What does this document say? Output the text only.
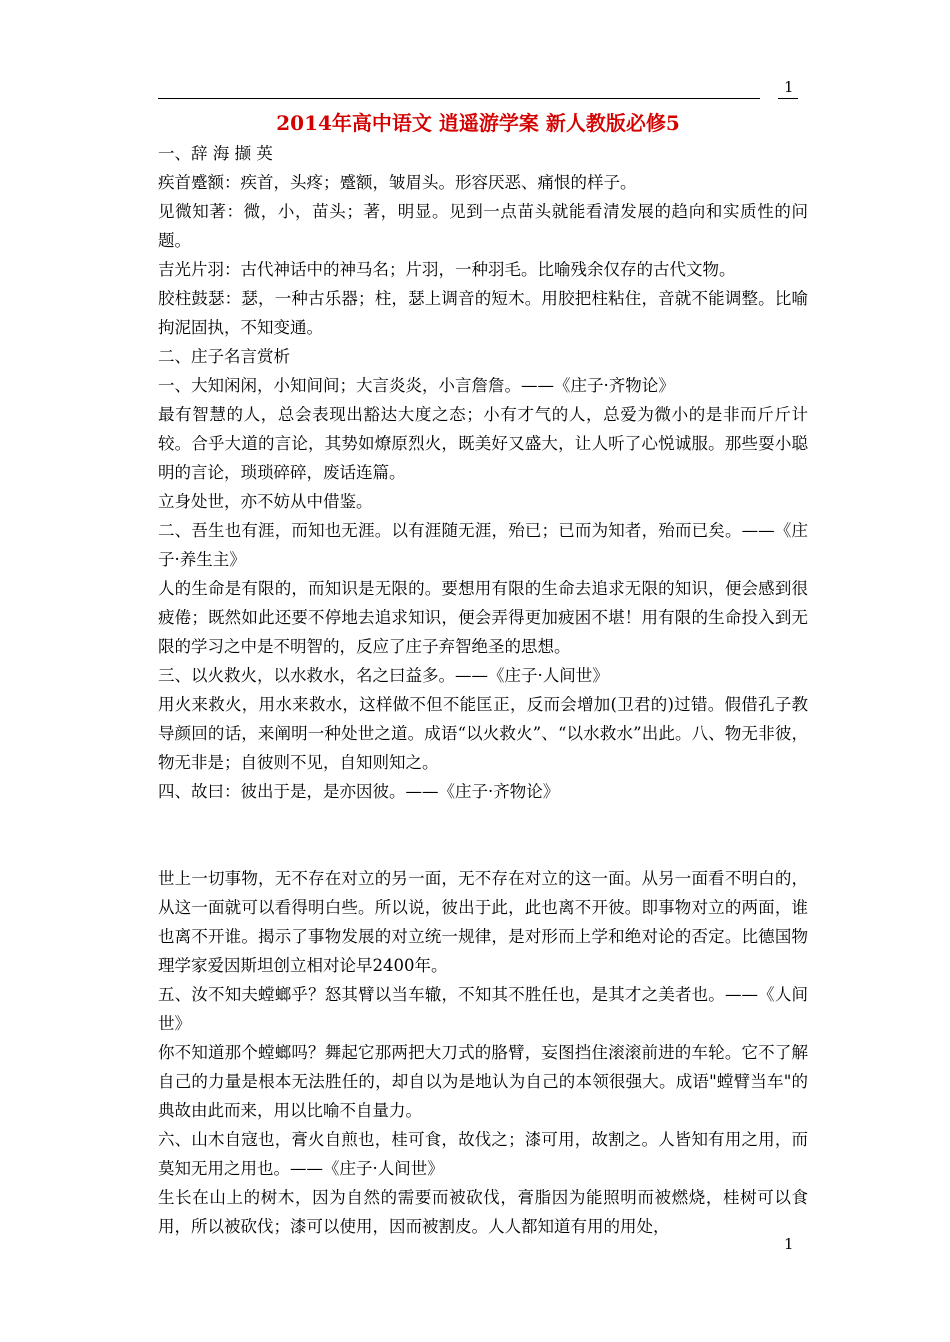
1
2014年高中语文 逍遥游学案 新人教版必修5

一、辞 海 撷 英

疾首蹙额：疾首，头疼；蹙额，皱眉头。形容厌恶、痛恨的样子。

见微知著：微，小，苗头；著，明显。见到一点苗头就能看清发展的趋向和实质性的问题。

吉光片羽：古代神话中的神马名；片羽，一种羽毛。比喻残余仅存的古代文物。

胶柱鼓瑟：瑟，一种古乐器；柱，瑟上调音的短木。用胶把柱粘住，音就不能调整。比喻拘泥固执，不知变通。

二、庄子名言赏析

一、大知闲闲，小知间间；大言炎炎，小言詹詹。——《庄子·齐物论》

最有智慧的人，总会表现出豁达大度之态；小有才气的人，总爱为微小的是非而斤斤计较。合乎大道的言论，其势如燎原烈火，既美好又盛大，让人听了心悦诚服。那些耍小聪明的言论，琐琐碎碎，废话连篇。

立身处世，亦不妨从中借鉴。

二、吾生也有涯，而知也无涯。以有涯随无涯，殆已；已而为知者，殆而已矣。——《庄子·养生主》

人的生命是有限的，而知识是无限的。要想用有限的生命去追求无限的知识，便会感到很疲倦；既然如此还要不停地去追求知识，便会弄得更加疲困不堪！用有限的生命投入到无限的学习之中是不明智的，反应了庄子弃智绝圣的思想。

三、以火救火，以水救水，名之曰益多。——《庄子·人间世》

用火来救火，用水来救水，这样做不但不能匡正，反而会增加(卫君的)过错。假借孔子教导颜回的话，来阐明一种处世之道。成语“以火救火”、“以水救水”出此。八、物无非彼，物无非是；自彼则不见，自知则知之。

四、故曰：彼出于是，是亦因彼。——《庄子·齐物论》

世上一切事物，无不存在对立的另一面，无不存在对立的这一面。从另一面看不明白的，从这一面就可以看得明白些。所以说，彼出于此，此也离不开彼。即事物对立的两面，谁也离不开谁。揭示了事物发展的对立统一规律，是对形而上学和绝对论的否定。比德国物理学家爱因斯坦创立相对论早2400年。

五、汝不知夫螳螂乎？怒其臂以当车辙，不知其不胜任也，是其才之美者也。——《人间世》

你不知道那个螳螂吗？舞起它那两把大刀式的胳臂，妄图挡住滚滚前进的车轮。它不了解自己的力量是根本无法胜任的，却自以为是地认为自己的本领很强大。成语"螳臂当车"的典故由此而来，用以比喻不自量力。

六、山木自寇也，膏火自煎也，桂可食，故伐之；漆可用，故割之。人皆知有用之用，而莫知无用之用也。——《庄子·人间世》

生长在山上的树木，因为自然的需要而被砍伐，膏脂因为能照明而被燃烧，桂树可以食用，所以被砍伐；漆可以使用，因而被割皮。人人都知道有用的用处，

1
